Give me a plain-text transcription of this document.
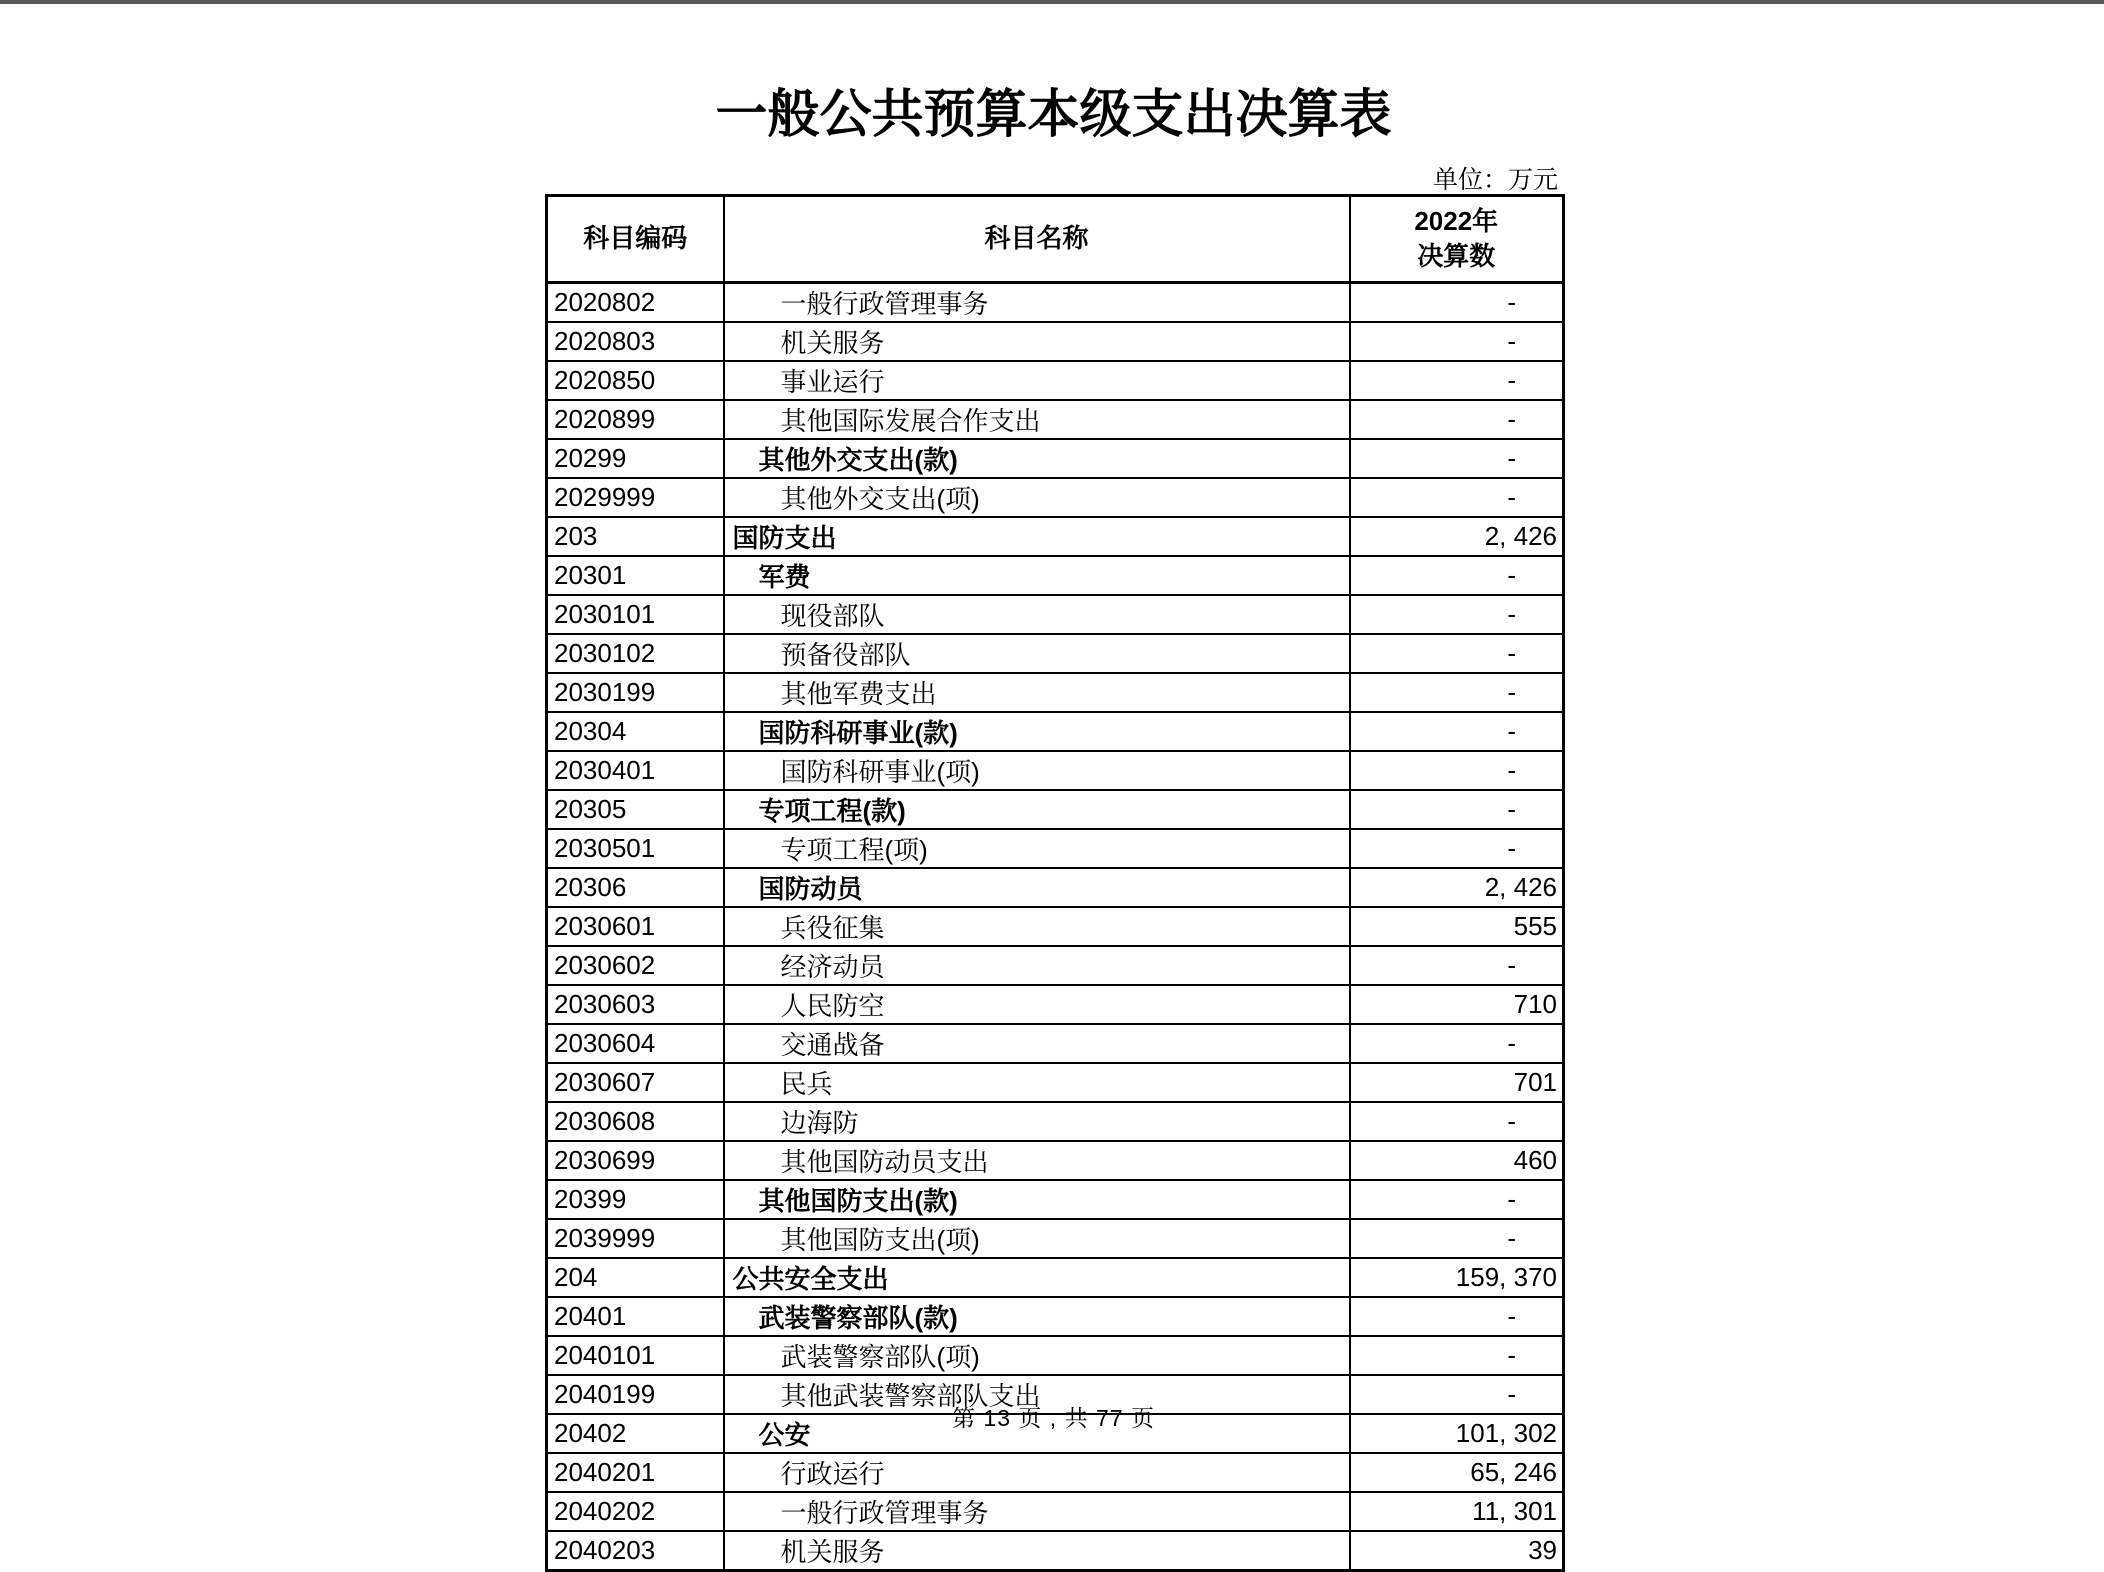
一般公共预算本级支出决算表
单位：万元
科目编码	科目名称	2022年
决算数

2020802	一般行政管理事务	-
2020803	机关服务	-
2020850	事业运行	-
2020899	其他国际发展合作支出	-
20299	其他外交支出(款)	-
2029999	其他外交支出(项)	-
203	国防支出	2, 426
20301	军费	-
2030101	现役部队	-
2030102	预备役部队	-
2030199	其他军费支出	-
20304	国防科研事业(款)	-
2030401	国防科研事业(项)	-
20305	专项工程(款)	-
2030501	专项工程(项)	-
20306	国防动员	2, 426
2030601	兵役征集	555
2030602	经济动员	-
2030603	人民防空	710
2030604	交通战备	-
2030607	民兵	701
2030608	边海防	-
2030699	其他国防动员支出	460
20399	其他国防支出(款)	-
2039999	其他国防支出(项)	-
204	公共安全支出	159, 370
20401	武装警察部队(款)	-
2040101	武装警察部队(项)	-
2040199	其他武装警察部队支出	-
20402	公安	101, 302
2040201	行政运行	65, 246
2040202	一般行政管理事务	11, 301
2040203	机关服务	39
第 13 页 , 共 77 页
